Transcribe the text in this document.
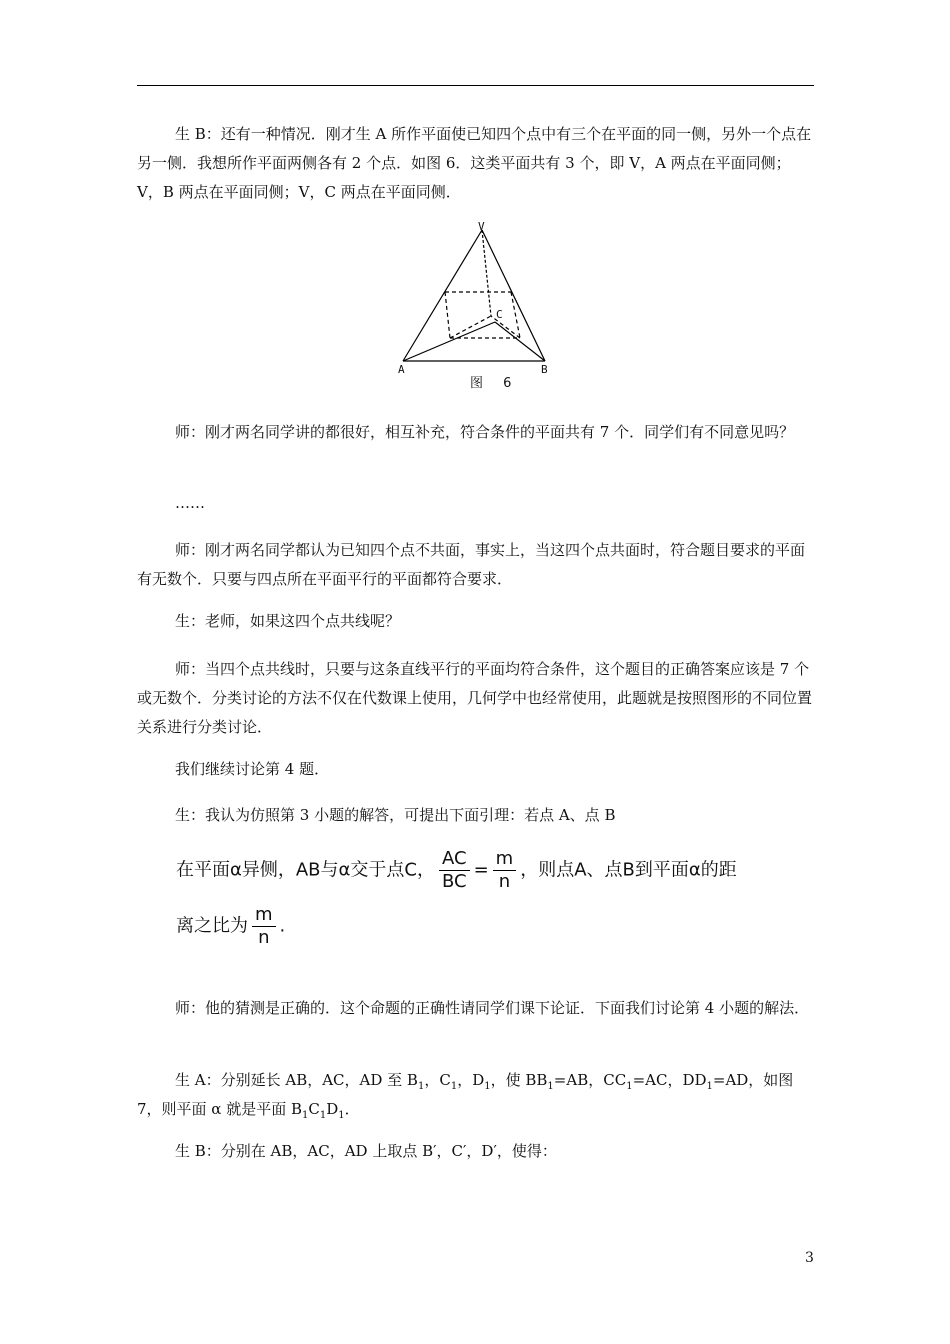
生 B：还有一种情况．刚才生 A 所作平面使已知四个点中有三个在平面的同一侧，另外一个点在另一侧．我想所作平面两侧各有 2 个点．如图 6．这类平面共有 3 个，即 V，A 两点在平面同侧；V，B 两点在平面同侧；V，C 两点在平面同侧．

V
A	B
C
图 6

师：刚才两名同学讲的都很好，相互补充，符合条件的平面共有 7 个．同学们有不同意见吗？

……

师：刚才两名同学都认为已知四个点不共面，事实上，当这四个点共面时，符合题目要求的平面有无数个．只要与四点所在平面平行的平面都符合要求．

生：老师，如果这四个点共线呢？

师：当四个点共线时，只要与这条直线平行的平面均符合条件，这个题目的正确答案应该是 7 个或无数个．分类讨论的方法不仅在代数课上使用，几何学中也经常使用，此题就是按照图形的不同位置关系进行分类讨论．

我们继续讨论第 4 题．

生：我认为仿照第 3 小题的解答，可提出下面引理：若点 A、点 B

在平面α异侧，AB与α交于点C， $\frac{AC}{BC} = \frac{m}{n}$ ，则点A、点B到平面α的距
离之比为 $\frac{m}{n}$ .

师：他的猜测是正确的．这个命题的正确性请同学们课下论证．下面我们讨论第 4 小题的解法．

生 A：分别延长 AB，AC，AD 至 $B_1$，$C_1$，$D_1$，使 $BB_1=AB$，$CC_1=AC$，$DD_1=AD$，如图 7，则平面 α 就是平面 $B_1C_1D_1$．

生 B：分别在 AB，AC，AD 上取点 B′，C′，D′，使得：

3
